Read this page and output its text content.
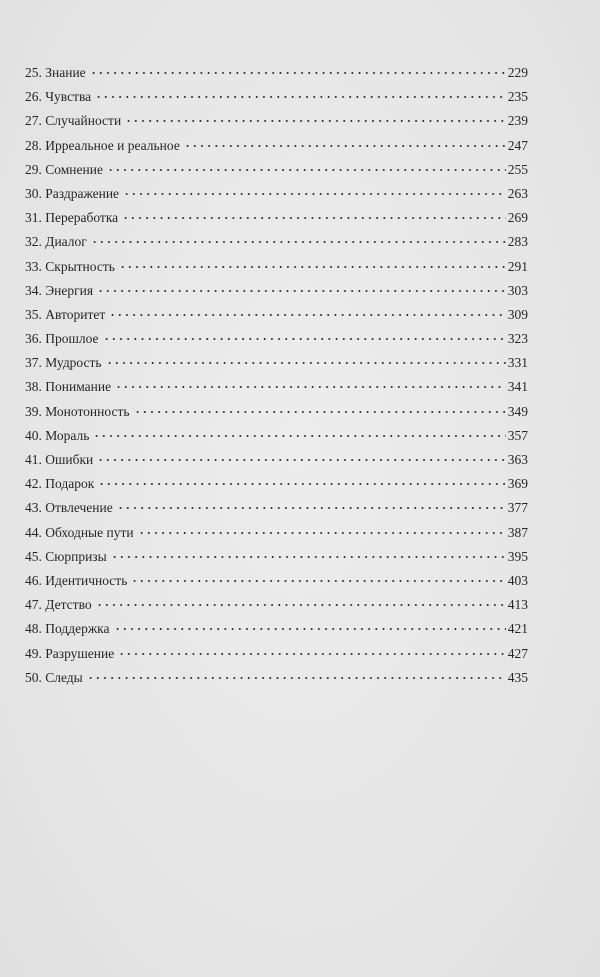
25. Знание	229
26. Чувства	235
27. Случайности	239
28. Ирреальное и реальное	247
29. Сомнение	255
30. Раздражение	263
31. Переработка	269
32. Диалог	283
33. Скрытность	291
34. Энергия	303
35. Авторитет	309
36. Прошлое	323
37. Мудрость	331
38. Понимание	341
39. Монотонность	349
40. Мораль	357
41. Ошибки	363
42. Подарок	369
43. Отвлечение	377
44. Обходные пути	387
45. Сюрпризы	395
46. Идентичность	403
47. Детство	413
48. Поддержка	421
49. Разрушение	427
50. Следы	435
